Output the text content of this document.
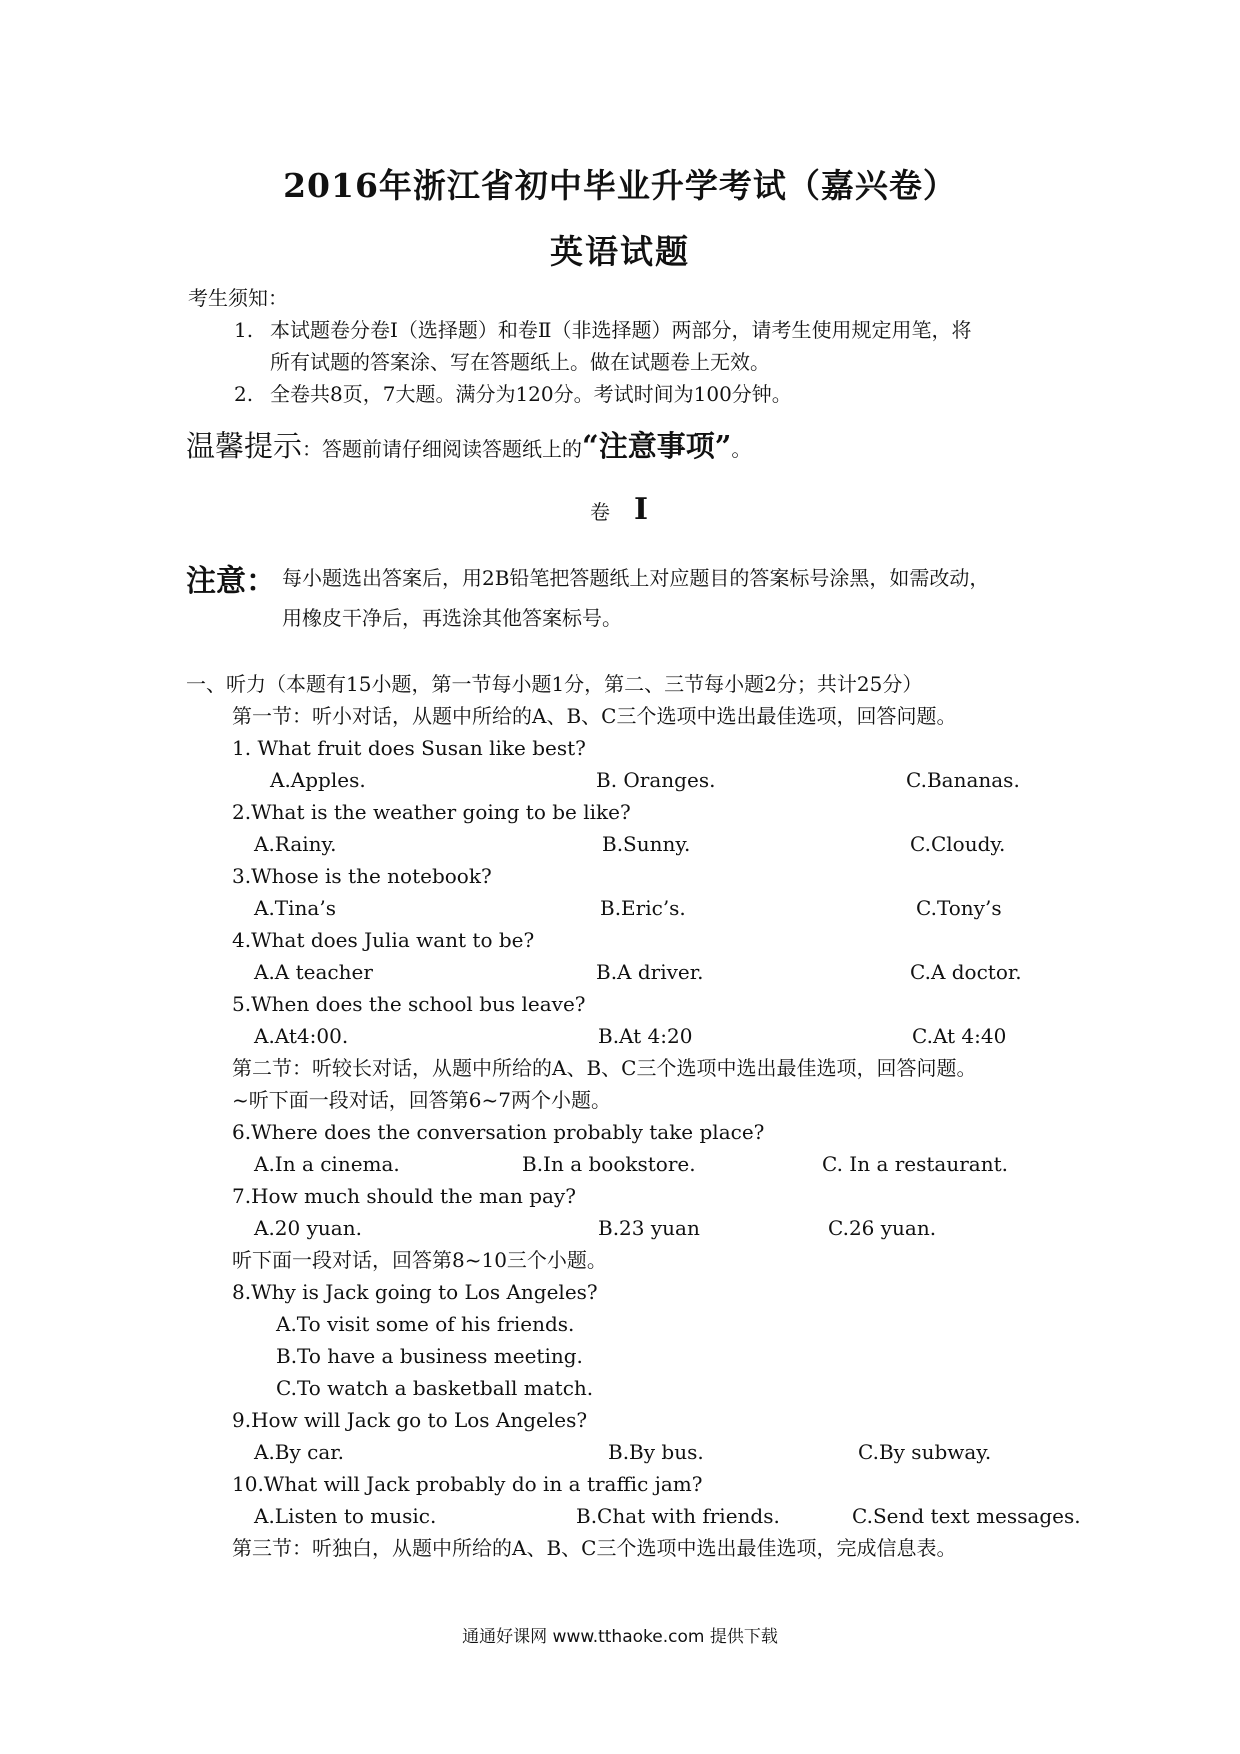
2016年浙江省初中毕业升学考试（嘉兴卷）
英语试题
考生须知：
1. 本试题卷分卷Ⅰ（选择题）和卷Ⅱ（非选择题）两部分，请考生使用规定用笔，将
所有试题的答案涂、写在答题纸上。做在试题卷上无效。
2. 全卷共8页，7大题。满分为120分。考试时间为100分钟。
温馨提示：答题前请仔细阅读答题纸上的“注意事项”。
卷 I
注意： 每小题选出答案后，用2B铅笔把答题纸上对应题目的答案标号涂黑，如需改动，
用橡皮干净后，再选涂其他答案标号。
一、听力（本题有15小题，第一节每小题1分，第二、三节每小题2分；共计25分）
第一节：听小对话，从题中所给的A、B、C三个选项中选出最佳选项，回答问题。
1. What fruit does Susan like best?
A.Apples.	B. Oranges.	C.Bananas.
2.What is the weather going to be like?
A.Rainy.	B.Sunny.	C.Cloudy.
3.Whose is the notebook?
A.Tina’s	B.Eric’s.	C.Tony’s
4.What does Julia want to be?
A.A teacher	B.A driver.	C.A doctor.
5.When does the school bus leave?
A.At4:00.	B.At 4:20	C.At 4:40
第二节：听较长对话，从题中所给的A、B、C三个选项中选出最佳选项，回答问题。
~听下面一段对话，回答第6~7两个小题。
6.Where does the conversation probably take place?
A.In a cinema.	B.In a bookstore.	C. In a restaurant.
7.How much should the man pay?
A.20 yuan.	B.23 yuan	C.26 yuan.
听下面一段对话，回答第8~10三个小题。
8.Why is Jack going to Los Angeles?
A.To visit some of his friends.
B.To have a business meeting.
C.To watch a basketball match.
9.How will Jack go to Los Angeles?
A.By car.	B.By bus.	C.By subway.
10.What will Jack probably do in a traffic jam?
A.Listen to music.	B.Chat with friends.	C.Send text messages.
第三节：听独白，从题中所给的A、B、C三个选项中选出最佳选项，完成信息表。
通通好课网 www.tthaoke.com 提供下载
